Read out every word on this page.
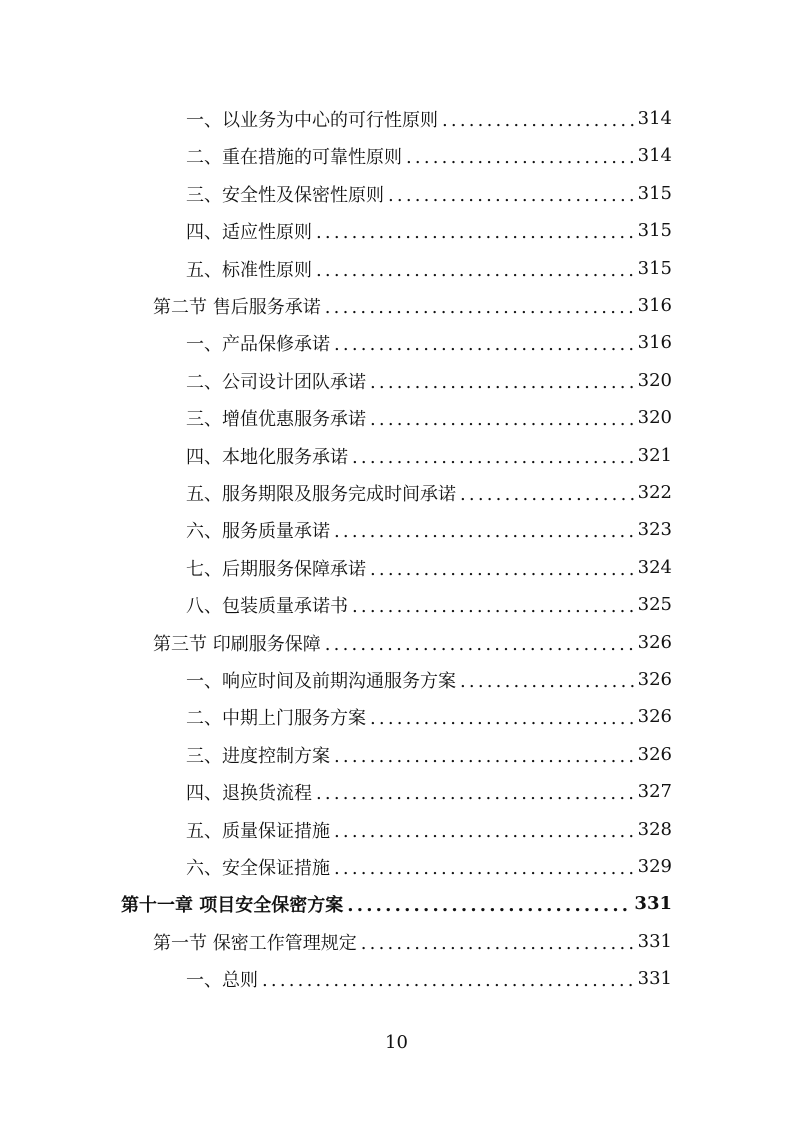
一、以业务为中心的可行性原则 .....	314
二、重在措施的可靠性原则 .....	314
三、安全性及保密性原则 .....	315
四、适应性原则 .....	315
五、标准性原则 .....	315
第二节 售后服务承诺 .....	316
一、产品保修承诺 .....	316
二、公司设计团队承诺 .....	320
三、增值优惠服务承诺 .....	320
四、本地化服务承诺 .....	321
五、服务期限及服务完成时间承诺 .....	322
六、服务质量承诺 .....	323
七、后期服务保障承诺 .....	324
八、包装质量承诺书 .....	325
第三节 印刷服务保障 .....	326
一、响应时间及前期沟通服务方案 .....	326
二、中期上门服务方案 .....	326
三、进度控制方案 .....	326
四、退换货流程 .....	327
五、质量保证措施 .....	328
六、安全保证措施 .....	329
第十一章 项目安全保密方案 .....	331
第一节 保密工作管理规定 .....	331
一、总则 .....	331
10
